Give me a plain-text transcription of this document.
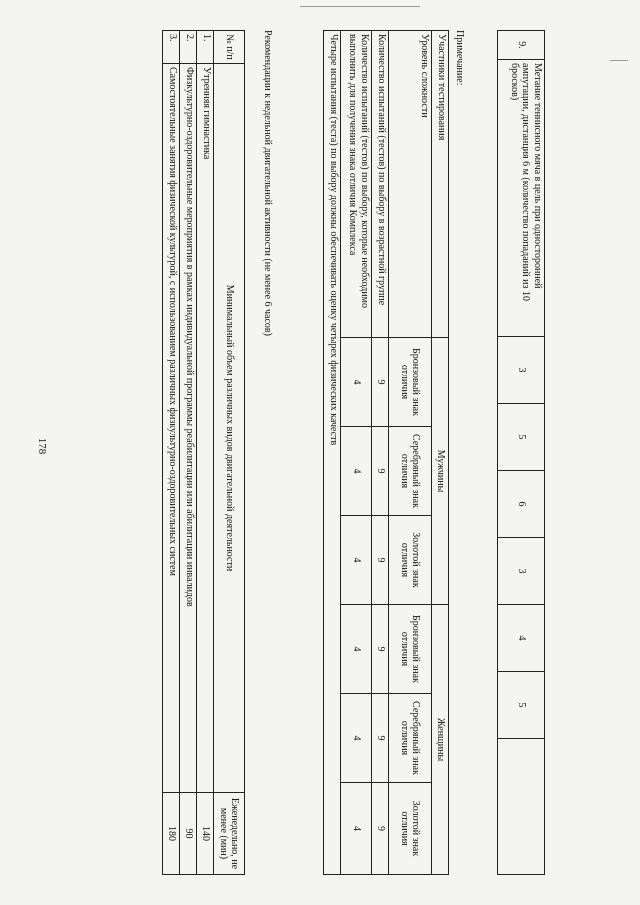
178
9.	Метание теннисного мяча в цель при односторонней ампутации, дистанция 6 м (количество попаданий из 10 бросков)	3	5	6	3	4	5	
Примечание:
Участники тестирования	Мужчины			Женщины		
Уровень сложности	Бронзовый знак отличия	Серебряный знак отличия	Золотой знак отличия	Бронзовый знак отличия	Серебряный знак отличия	Золотой знак отличия
Количество испытаний (тестов) по выбору в возрастной группе	9	9	9	9	9	9
Количество испытаний (тестов) по выбору, которые необходимо выполнить для получения знака отличия Комплекса	4	4	4	4	4	4
Четыре испытания (теста) по выбору должны обеспечивать оценку четырех физических качеств						
Рекомендации к недельной двигательной активности (не менее 6 часов)
№ п/п	Минимальный объем различных видов двигательной деятельности	Еженедельно, не менее (мин)
1.	Утренняя гимнастика	140
2.	Физкультурно-оздоровительные мероприятия в рамках индивидуальной программы реабилитации или абилитации инвалидов	90
3.	Самостоятельные занятия физической культурой, с использованием различных физкультурно-оздоровительных систем	180
